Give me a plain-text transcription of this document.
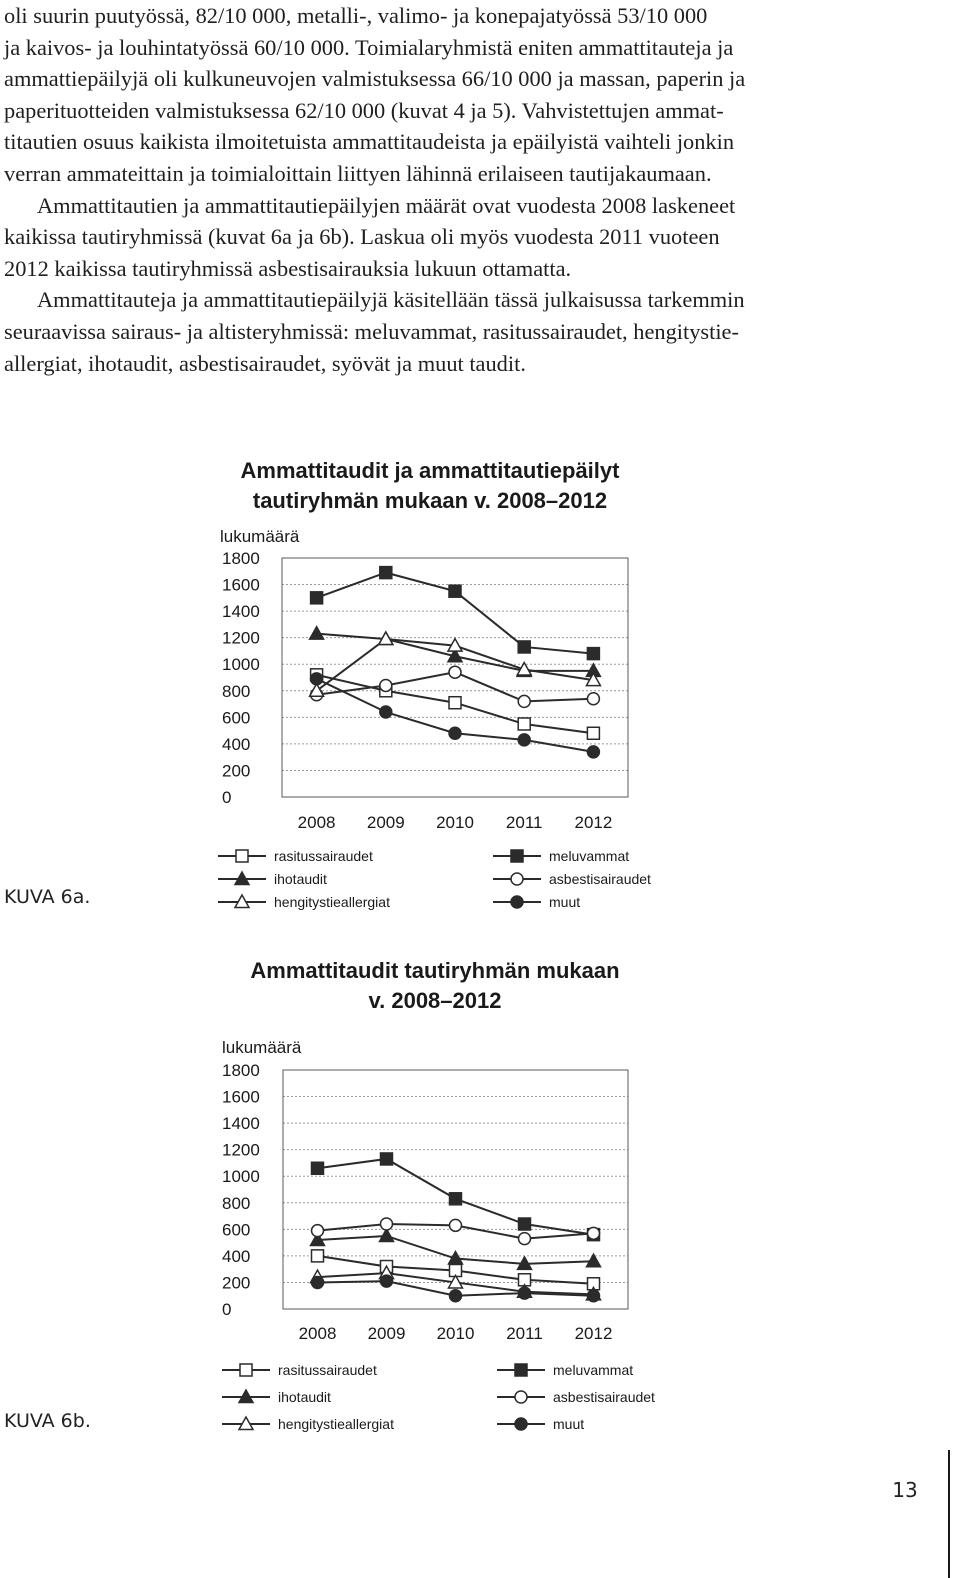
oli suurin puutyössä, 82/10 000, metalli-, valimo- ja konepajatyössä 53/10 000
ja kaivos- ja louhintatyössä 60/10 000. Toimialaryhmistä eniten ammattitauteja ja
ammattiepäilyjä oli kulkuneuvojen valmistuksessa 66/10 000 ja massan, paperin ja
paperituotteiden valmistuksessa 62/10 000 (kuvat 4 ja 5). Vahvistettujen ammat-
titautien osuus kaikista ilmoitetuista ammattitaudeista ja epäilyistä vaihteli jonkin
verran ammateittain ja toimialoittain liittyen lähinnä erilaiseen tautijakaumaan.

Ammattitautien ja ammattitautiepäilyjen määrät ovat vuodesta 2008 laskeneet
kaikissa tautiryhmissä (kuvat 6a ja 6b). Laskua oli myös vuodesta 2011 vuoteen
2012 kaikissa tautiryhmissä asbestisairauksia lukuun ottamatta.

Ammattitauteja ja ammattitautiepäilyjä käsitellään tässä julkaisussa tarkemmin
seuraavissa sairaus- ja altisteryhmissä: meluvammat, rasitussairaudet, hengitystie-
allergiat, ihotaudit, asbestisairaudet, syövät ja muut taudit.

Ammattitaudit ja ammattitautiepäilyt
tautiryhmän mukaan v. 2008–2012
lukumäärä
1800
1600
1400
1200
1000
800
600
400
200
0
2008 2009 2010 2011 2012
rasitussairaudet	meluvammat
ihotaudit	asbestisairaudet
hengitystieallergiat	muut
KUVA 6a.
Ammattitaudit tautiryhmän mukaan
v. 2008–2012
lukumäärä
1800
1600
1400
1200
1000
800
600
400
200
0
2008 2009 2010 2011 2012
rasitussairaudet	meluvammat
ihotaudit	asbestisairaudet
hengitystieallergiat	muut
KUVA 6b.
13
